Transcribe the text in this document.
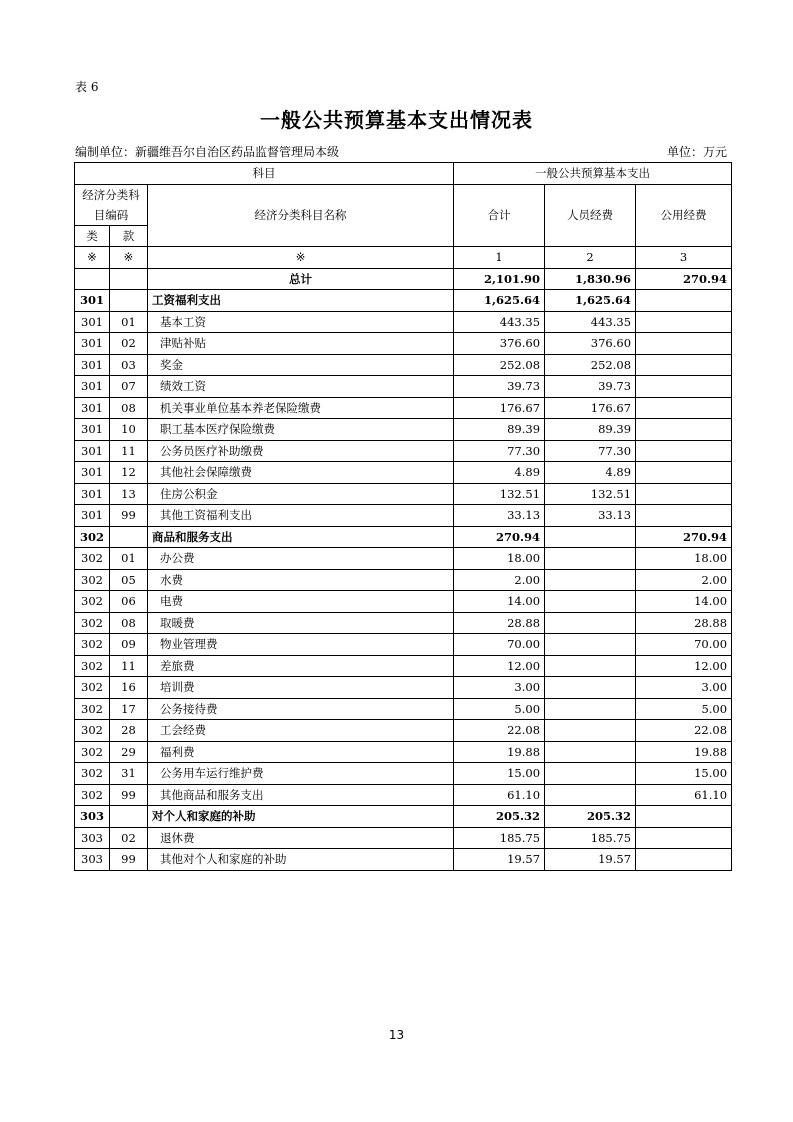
表 6
一般公共预算基本支出情况表
编制单位：新疆维吾尔自治区药品监督管理局本级	单位：万元
科目			一般公共预算基本支出		

经济分类科
目编码		经济分类科目名称	合计	人员经费	公用经费

类	款				
※	※	※	1	2	3
		总计	2,101.90	1,830.96	270.94
301		工资福利支出	1,625.64	1,625.64	
301	01	基本工资	443.35	443.35	
301	02	津贴补贴	376.60	376.60	
301	03	奖金	252.08	252.08	
301	07	绩效工资	39.73	39.73	
301	08	机关事业单位基本养老保险缴费	176.67	176.67	
301	10	职工基本医疗保险缴费	89.39	89.39	
301	11	公务员医疗补助缴费	77.30	77.30	
301	12	其他社会保障缴费	4.89	4.89	
301	13	住房公积金	132.51	132.51	
301	99	其他工资福利支出	33.13	33.13	
302		商品和服务支出	270.94		270.94
302	01	办公费	18.00		18.00
302	05	水费	2.00		2.00
302	06	电费	14.00		14.00
302	08	取暖费	28.88		28.88
302	09	物业管理费	70.00		70.00
302	11	差旅费	12.00		12.00
302	16	培训费	3.00		3.00
302	17	公务接待费	5.00		5.00
302	28	工会经费	22.08		22.08
302	29	福利费	19.88		19.88
302	31	公务用车运行维护费	15.00		15.00
302	99	其他商品和服务支出	61.10		61.10
303		对个人和家庭的补助	205.32	205.32	
303	02	退休费	185.75	185.75	
303	99	其他对个人和家庭的补助	19.57	19.57	
13
